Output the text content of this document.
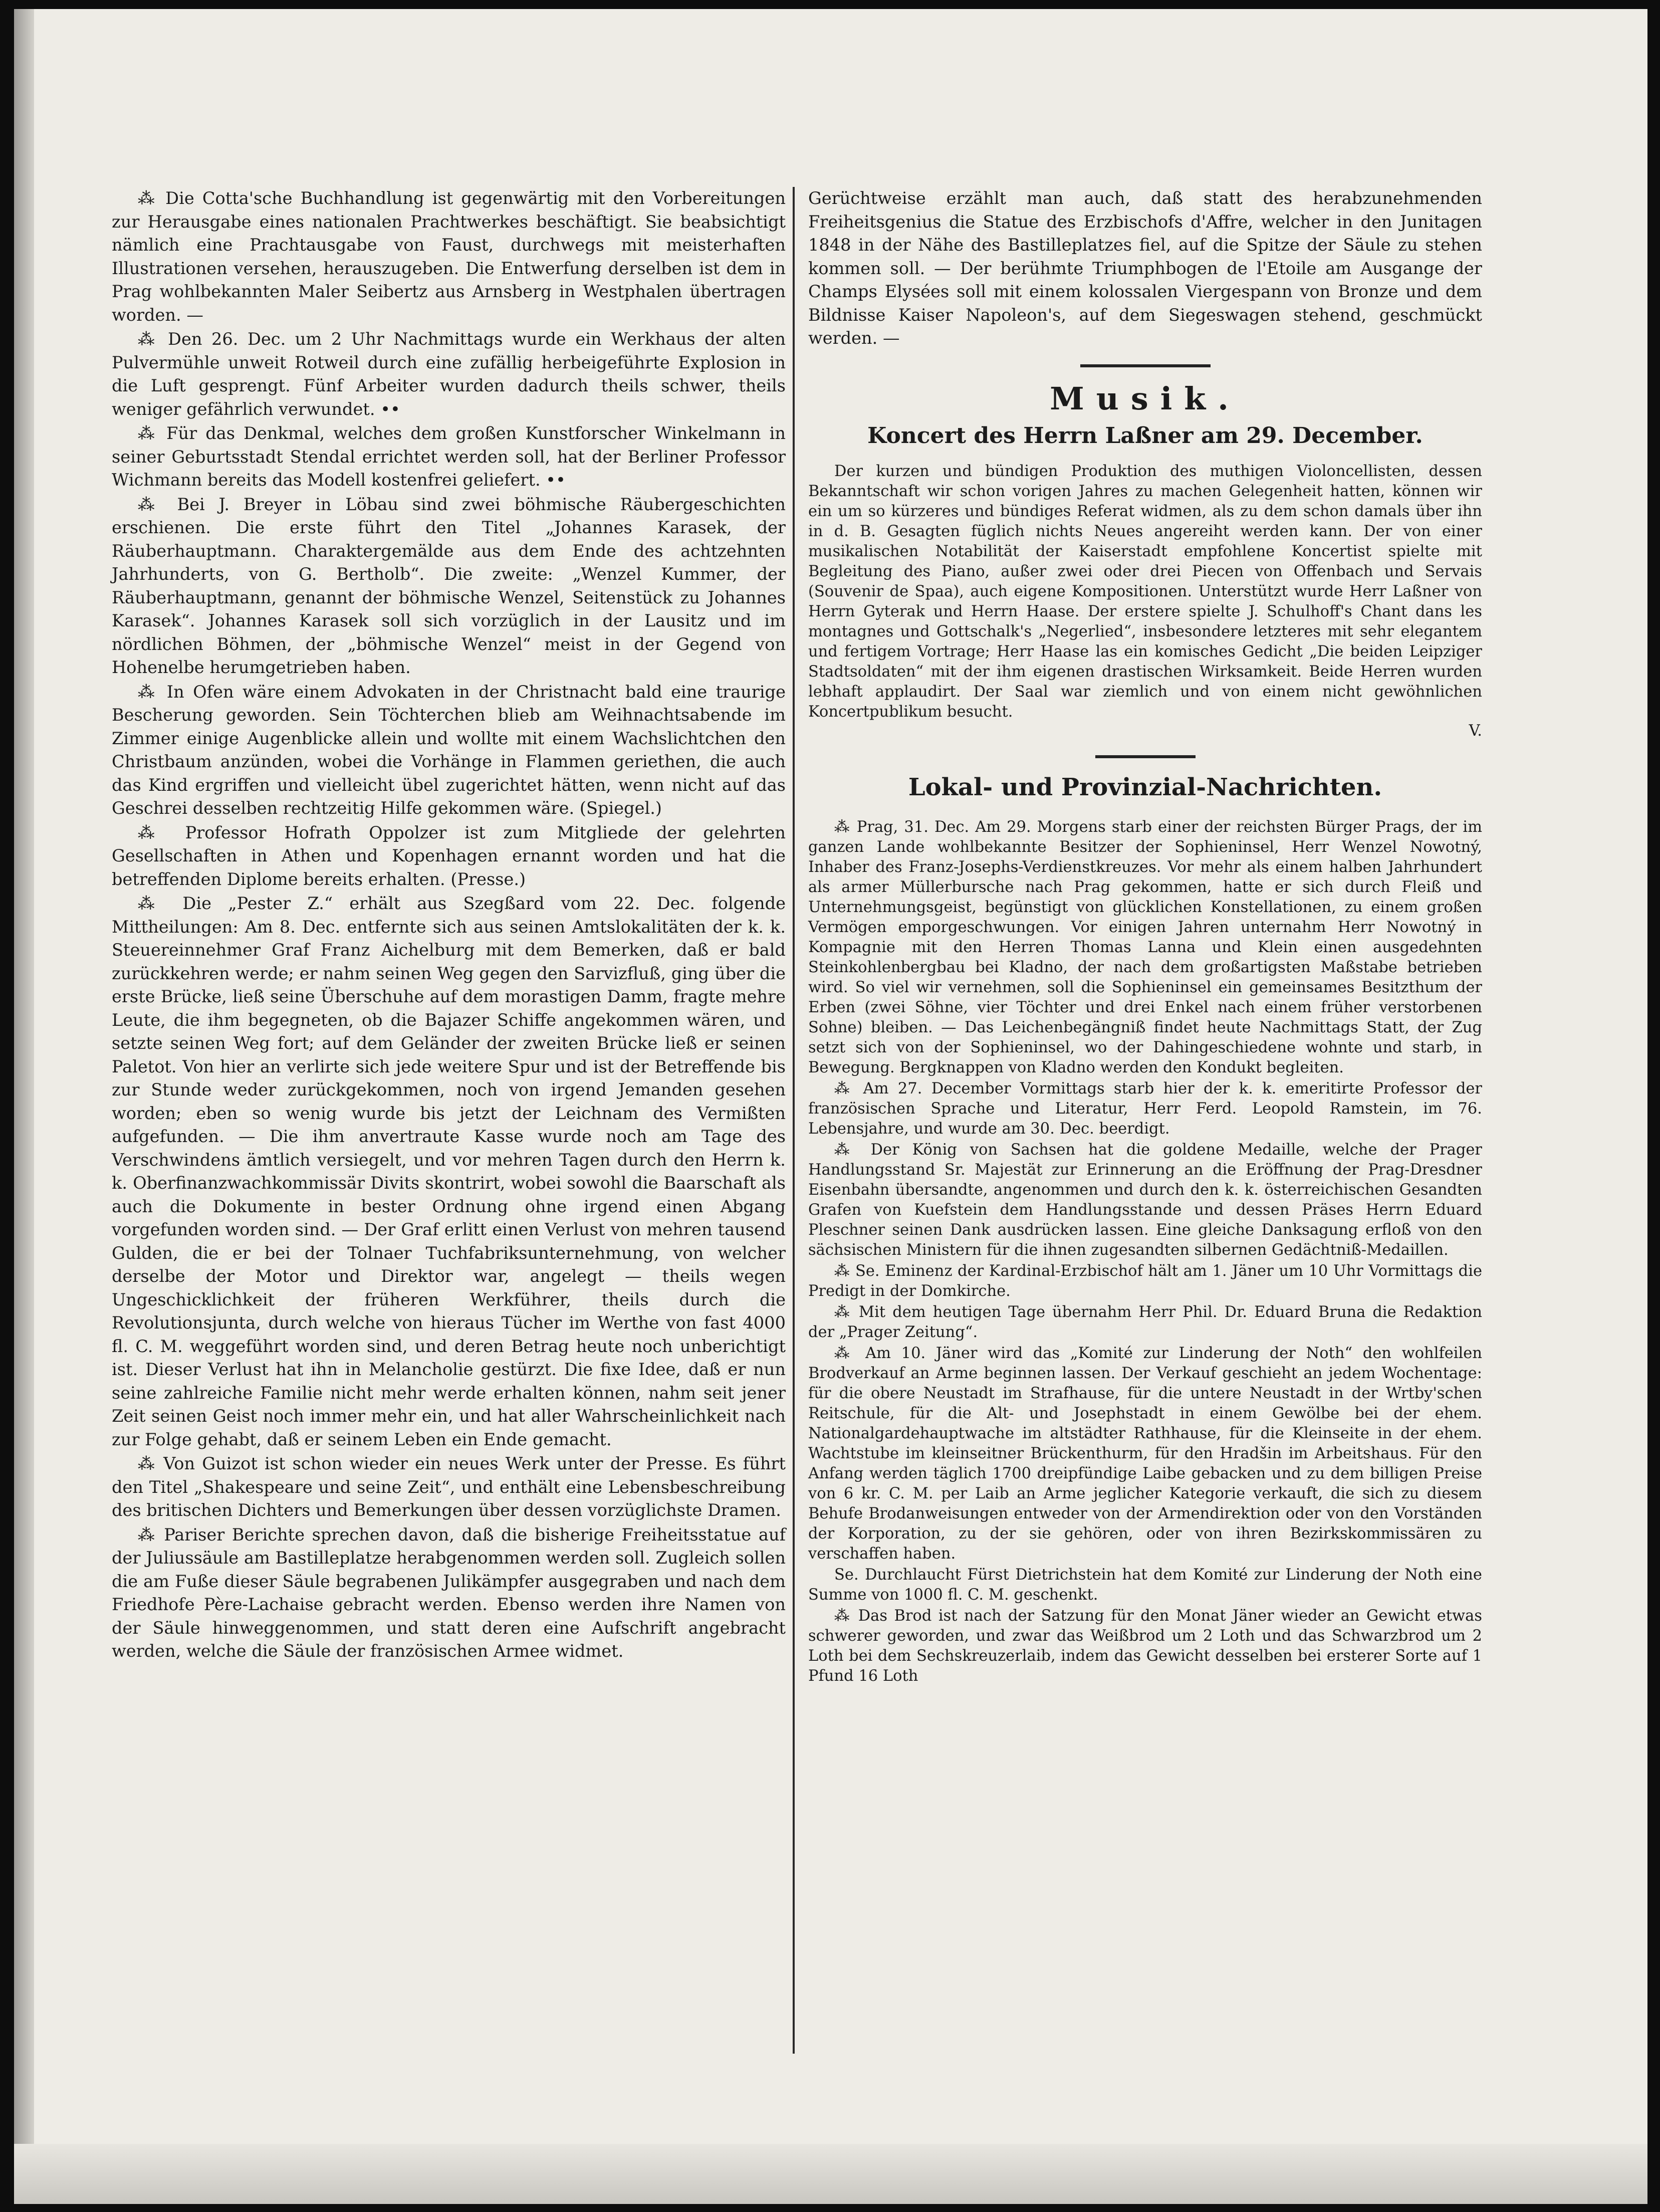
⁂ Die Cotta'sche Buchhandlung ist gegenwärtig mit den Vorbereitungen zur Herausgabe eines nationalen Prachtwerkes beschäftigt. Sie beabsichtigt nämlich eine Prachtausgabe von Faust, durchwegs mit meisterhaften Illustrationen versehen, herauszugeben. Die Entwerfung derselben ist dem in Prag wohlbekannten Maler Seibertz aus Arnsberg in Westphalen übertragen worden. —

⁂ Den 26. Dec. um 2 Uhr Nachmittags wurde ein Werkhaus der alten Pulvermühle unweit Rotweil durch eine zufällig herbeigeführte Explosion in die Luft gesprengt. Fünf Arbeiter wurden dadurch theils schwer, theils weniger gefährlich verwundet. ••

⁂ Für das Denkmal, welches dem großen Kunstforscher Winkelmann in seiner Geburtsstadt Stendal errichtet werden soll, hat der Berliner Professor Wichmann bereits das Modell kostenfrei geliefert. ••

⁂ Bei J. Breyer in Löbau sind zwei böhmische Räubergeschichten erschienen. Die erste führt den Titel „Johannes Karasek, der Räuberhauptmann. Charaktergemälde aus dem Ende des achtzehnten Jahrhunderts, von G. Bertholb“. Die zweite: „Wenzel Kummer, der Räuberhauptmann, genannt der böhmische Wenzel, Seitenstück zu Johannes Karasek“. Johannes Karasek soll sich vorzüglich in der Lausitz und im nördlichen Böhmen, der „böhmische Wenzel“ meist in der Gegend von Hohenelbe herumgetrieben haben.

⁂ In Ofen wäre einem Advokaten in der Christnacht bald eine traurige Bescherung geworden. Sein Töchterchen blieb am Weihnachtsabende im Zimmer einige Augenblicke allein und wollte mit einem Wachslichtchen den Christbaum anzünden, wobei die Vorhänge in Flammen geriethen, die auch das Kind ergriffen und vielleicht übel zugerichtet hätten, wenn nicht auf das Geschrei desselben rechtzeitig Hilfe gekommen wäre. (Spiegel.)

⁂ Professor Hofrath Oppolzer ist zum Mitgliede der gelehrten Gesellschaften in Athen und Kopenhagen ernannt worden und hat die betreffenden Diplome bereits erhalten. (Presse.)

⁂ Die „Pester Z.“ erhält aus Szegßard vom 22. Dec. folgende Mittheilungen: Am 8. Dec. entfernte sich aus seinen Amtslokalitäten der k. k. Steuereinnehmer Graf Franz Aichelburg mit dem Bemerken, daß er bald zurückkehren werde; er nahm seinen Weg gegen den Sarvizfluß, ging über die erste Brücke, ließ seine Überschuhe auf dem morastigen Damm, fragte mehre Leute, die ihm begegneten, ob die Bajazer Schiffe angekommen wären, und setzte seinen Weg fort; auf dem Geländer der zweiten Brücke ließ er seinen Paletot. Von hier an verlirte sich jede weitere Spur und ist der Betreffende bis zur Stunde weder zurückgekommen, noch von irgend Jemanden gesehen worden; eben so wenig wurde bis jetzt der Leichnam des Vermißten aufgefunden. — Die ihm anvertraute Kasse wurde noch am Tage des Verschwindens ämtlich versiegelt, und vor mehren Tagen durch den Herrn k. k. Oberfinanzwachkommissär Divits skontrirt, wobei sowohl die Baarschaft als auch die Dokumente in bester Ordnung ohne irgend einen Abgang vorgefunden worden sind. — Der Graf erlitt einen Verlust von mehren tausend Gulden, die er bei der Tolnaer Tuchfabriksunternehmung, von welcher derselbe der Motor und Direktor war, angelegt — theils wegen Ungeschicklichkeit der früheren Werkführer, theils durch die Revolutionsjunta, durch welche von hieraus Tücher im Werthe von fast 4000 fl. C. M. weggeführt worden sind, und deren Betrag heute noch unberichtigt ist. Dieser Verlust hat ihn in Melancholie gestürzt. Die fixe Idee, daß er nun seine zahlreiche Familie nicht mehr werde erhalten können, nahm seit jener Zeit seinen Geist noch immer mehr ein, und hat aller Wahrscheinlichkeit nach zur Folge gehabt, daß er seinem Leben ein Ende gemacht.

⁂ Von Guizot ist schon wieder ein neues Werk unter der Presse. Es führt den Titel „Shakespeare und seine Zeit“, und enthält eine Lebensbeschreibung des britischen Dichters und Bemerkungen über dessen vorzüglichste Dramen.

⁂ Pariser Berichte sprechen davon, daß die bisherige Freiheitsstatue auf der Juliussäule am Bastilleplatze herabgenommen werden soll. Zugleich sollen die am Fuße dieser Säule begrabenen Julikämpfer ausgegraben und nach dem Friedhofe Père-Lachaise gebracht werden. Ebenso werden ihre Namen von der Säule hinweggenommen, und statt deren eine Aufschrift angebracht werden, welche die Säule der französischen Armee widmet.

Gerüchtweise erzählt man auch, daß statt des herabzunehmenden Freiheitsgenius die Statue des Erzbischofs d'Affre, welcher in den Junitagen 1848 in der Nähe des Bastilleplatzes fiel, auf die Spitze der Säule zu stehen kommen soll. — Der berühmte Triumphbogen de l'Etoile am Ausgange der Champs Elysées soll mit einem kolossalen Viergespann von Bronze und dem Bildnisse Kaiser Napoleon's, auf dem Siegeswagen stehend, geschmückt werden. —

Musik.
Koncert des Herrn Laßner am 29. December.

Der kurzen und bündigen Produktion des muthigen Violoncellisten, dessen Bekanntschaft wir schon vorigen Jahres zu machen Gelegenheit hatten, können wir ein um so kürzeres und bündiges Referat widmen, als zu dem schon damals über ihn in d. B. Gesagten füglich nichts Neues angereiht werden kann. Der von einer musikalischen Notabilität der Kaiserstadt empfohlene Koncertist spielte mit Begleitung des Piano, außer zwei oder drei Piecen von Offenbach und Servais (Souvenir de Spaa), auch eigene Kompositionen. Unterstützt wurde Herr Laßner von Herrn Gyterak und Herrn Haase. Der erstere spielte J. Schulhoff's Chant dans les montagnes und Gottschalk's „Negerlied“, insbesondere letzteres mit sehr elegantem und fertigem Vortrage; Herr Haase las ein komisches Gedicht „Die beiden Leipziger Stadtsoldaten“ mit der ihm eigenen drastischen Wirksamkeit. Beide Herren wurden lebhaft applaudirt. Der Saal war ziemlich und von einem nicht gewöhnlichen Koncertpublikum besucht.

V.
Lokal- und Provinzial-Nachrichten.

⁂ Prag, 31. Dec. Am 29. Morgens starb einer der reichsten Bürger Prags, der im ganzen Lande wohlbekannte Besitzer der Sophieninsel, Herr Wenzel Nowotný, Inhaber des Franz-Josephs-Verdienstkreuzes. Vor mehr als einem halben Jahrhundert als armer Müllerbursche nach Prag gekommen, hatte er sich durch Fleiß und Unternehmungsgeist, begünstigt von glücklichen Konstellationen, zu einem großen Vermögen emporgeschwungen. Vor einigen Jahren unternahm Herr Nowotný in Kompagnie mit den Herren Thomas Lanna und Klein einen ausgedehnten Steinkohlenbergbau bei Kladno, der nach dem großartigsten Maßstabe betrieben wird. So viel wir vernehmen, soll die Sophieninsel ein gemeinsames Besitzthum der Erben (zwei Söhne, vier Töchter und drei Enkel nach einem früher verstorbenen Sohne) bleiben. — Das Leichenbegängniß findet heute Nachmittags Statt, der Zug setzt sich von der Sophieninsel, wo der Dahingeschiedene wohnte und starb, in Bewegung. Bergknappen von Kladno werden den Kondukt begleiten.

⁂ Am 27. December Vormittags starb hier der k. k. emeritirte Professor der französischen Sprache und Literatur, Herr Ferd. Leopold Ramstein, im 76. Lebensjahre, und wurde am 30. Dec. beerdigt.

⁂ Der König von Sachsen hat die goldene Medaille, welche der Prager Handlungsstand Sr. Majestät zur Erinnerung an die Eröffnung der Prag-Dresdner Eisenbahn übersandte, angenommen und durch den k. k. österreichischen Gesandten Grafen von Kuefstein dem Handlungsstande und dessen Präses Herrn Eduard Pleschner seinen Dank ausdrücken lassen. Eine gleiche Danksagung erfloß von den sächsischen Ministern für die ihnen zugesandten silbernen Gedächtniß-Medaillen.

⁂ Se. Eminenz der Kardinal-Erzbischof hält am 1. Jäner um 10 Uhr Vormittags die Predigt in der Domkirche.

⁂ Mit dem heutigen Tage übernahm Herr Phil. Dr. Eduard Bruna die Redaktion der „Prager Zeitung“.

⁂ Am 10. Jäner wird das „Komité zur Linderung der Noth“ den wohlfeilen Brodverkauf an Arme beginnen lassen. Der Verkauf geschieht an jedem Wochentage: für die obere Neustadt im Strafhause, für die untere Neustadt in der Wrtby'schen Reitschule, für die Alt- und Josephstadt in einem Gewölbe bei der ehem. Nationalgardehauptwache im altstädter Rathhause, für die Kleinseite in der ehem. Wachtstube im kleinseitner Brückenthurm, für den Hradšin im Arbeitshaus. Für den Anfang werden täglich 1700 dreipfündige Laibe gebacken und zu dem billigen Preise von 6 kr. C. M. per Laib an Arme jeglicher Kategorie verkauft, die sich zu diesem Behufe Brodanweisungen entweder von der Armendirektion oder von den Vorständen der Korporation, zu der sie gehören, oder von ihren Bezirkskommissären zu verschaffen haben.

Se. Durchlaucht Fürst Dietrichstein hat dem Komité zur Linderung der Noth eine Summe von 1000 fl. C. M. geschenkt.

⁂ Das Brod ist nach der Satzung für den Monat Jäner wieder an Gewicht etwas schwerer geworden, und zwar das Weißbrod um 2 Loth und das Schwarzbrod um 2 Loth bei dem Sechskreuzerlaib, indem das Gewicht desselben bei ersterer Sorte auf 1 Pfund 16 Loth
